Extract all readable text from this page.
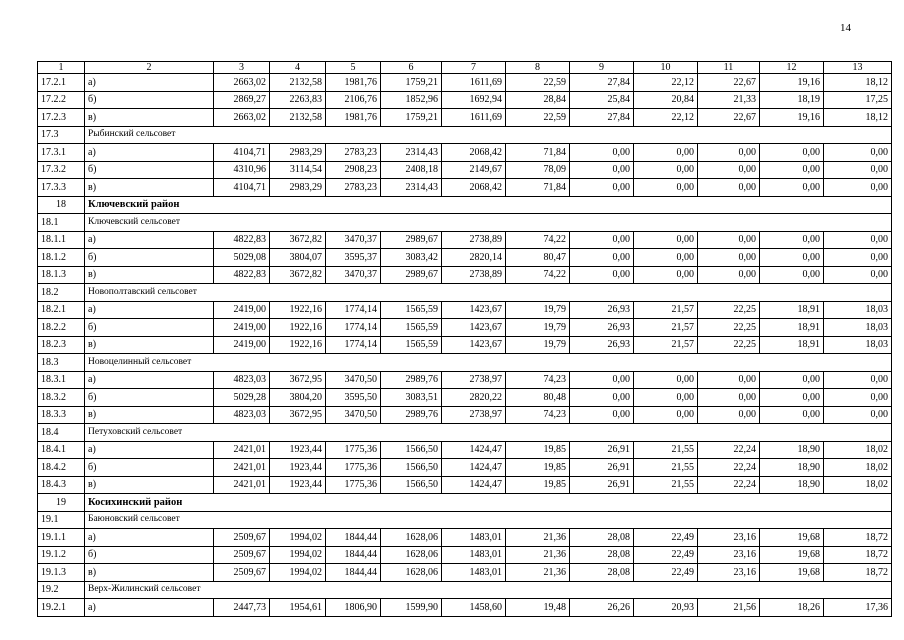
14
1	2	3	4	5	6	7	8	9	10	11	12	13
17.2.1	а)	2663,02	2132,58	1981,76	1759,21	1611,69	22,59	27,84	22,12	22,67	19,16	18,12
17.2.2	б)	2869,27	2263,83	2106,76	1852,96	1692,94	28,84	25,84	20,84	21,33	18,19	17,25
17.2.3	в)	2663,02	2132,58	1981,76	1759,21	1611,69	22,59	27,84	22,12	22,67	19,16	18,12
17.3	Рыбинский сельсовет											
17.3.1	а)	4104,71	2983,29	2783,23	2314,43	2068,42	71,84	0,00	0,00	0,00	0,00	0,00
17.3.2	б)	4310,96	3114,54	2908,23	2408,18	2149,67	78,09	0,00	0,00	0,00	0,00	0,00
17.3.3	в)	4104,71	2983,29	2783,23	2314,43	2068,42	71,84	0,00	0,00	0,00	0,00	0,00
18	Ключевский район											
18.1	Ключевский сельсовет											
18.1.1	а)	4822,83	3672,82	3470,37	2989,67	2738,89	74,22	0,00	0,00	0,00	0,00	0,00
18.1.2	б)	5029,08	3804,07	3595,37	3083,42	2820,14	80,47	0,00	0,00	0,00	0,00	0,00
18.1.3	в)	4822,83	3672,82	3470,37	2989,67	2738,89	74,22	0,00	0,00	0,00	0,00	0,00
18.2	Новополтавский сельсовет											
18.2.1	а)	2419,00	1922,16	1774,14	1565,59	1423,67	19,79	26,93	21,57	22,25	18,91	18,03
18.2.2	б)	2419,00	1922,16	1774,14	1565,59	1423,67	19,79	26,93	21,57	22,25	18,91	18,03
18.2.3	в)	2419,00	1922,16	1774,14	1565,59	1423,67	19,79	26,93	21,57	22,25	18,91	18,03
18.3	Новоцелинный сельсовет											
18.3.1	а)	4823,03	3672,95	3470,50	2989,76	2738,97	74,23	0,00	0,00	0,00	0,00	0,00
18.3.2	б)	5029,28	3804,20	3595,50	3083,51	2820,22	80,48	0,00	0,00	0,00	0,00	0,00
18.3.3	в)	4823,03	3672,95	3470,50	2989,76	2738,97	74,23	0,00	0,00	0,00	0,00	0,00
18.4	Петуховский сельсовет											
18.4.1	а)	2421,01	1923,44	1775,36	1566,50	1424,47	19,85	26,91	21,55	22,24	18,90	18,02
18.4.2	б)	2421,01	1923,44	1775,36	1566,50	1424,47	19,85	26,91	21,55	22,24	18,90	18,02
18.4.3	в)	2421,01	1923,44	1775,36	1566,50	1424,47	19,85	26,91	21,55	22,24	18,90	18,02
19	Косихинский район											
19.1	Баюновский сельсовет											
19.1.1	а)	2509,67	1994,02	1844,44	1628,06	1483,01	21,36	28,08	22,49	23,16	19,68	18,72
19.1.2	б)	2509,67	1994,02	1844,44	1628,06	1483,01	21,36	28,08	22,49	23,16	19,68	18,72
19.1.3	в)	2509,67	1994,02	1844,44	1628,06	1483,01	21,36	28,08	22,49	23,16	19,68	18,72
19.2	Верх-Жилинский сельсовет											
19.2.1	а)	2447,73	1954,61	1806,90	1599,90	1458,60	19,48	26,26	20,93	21,56	18,26	17,36
